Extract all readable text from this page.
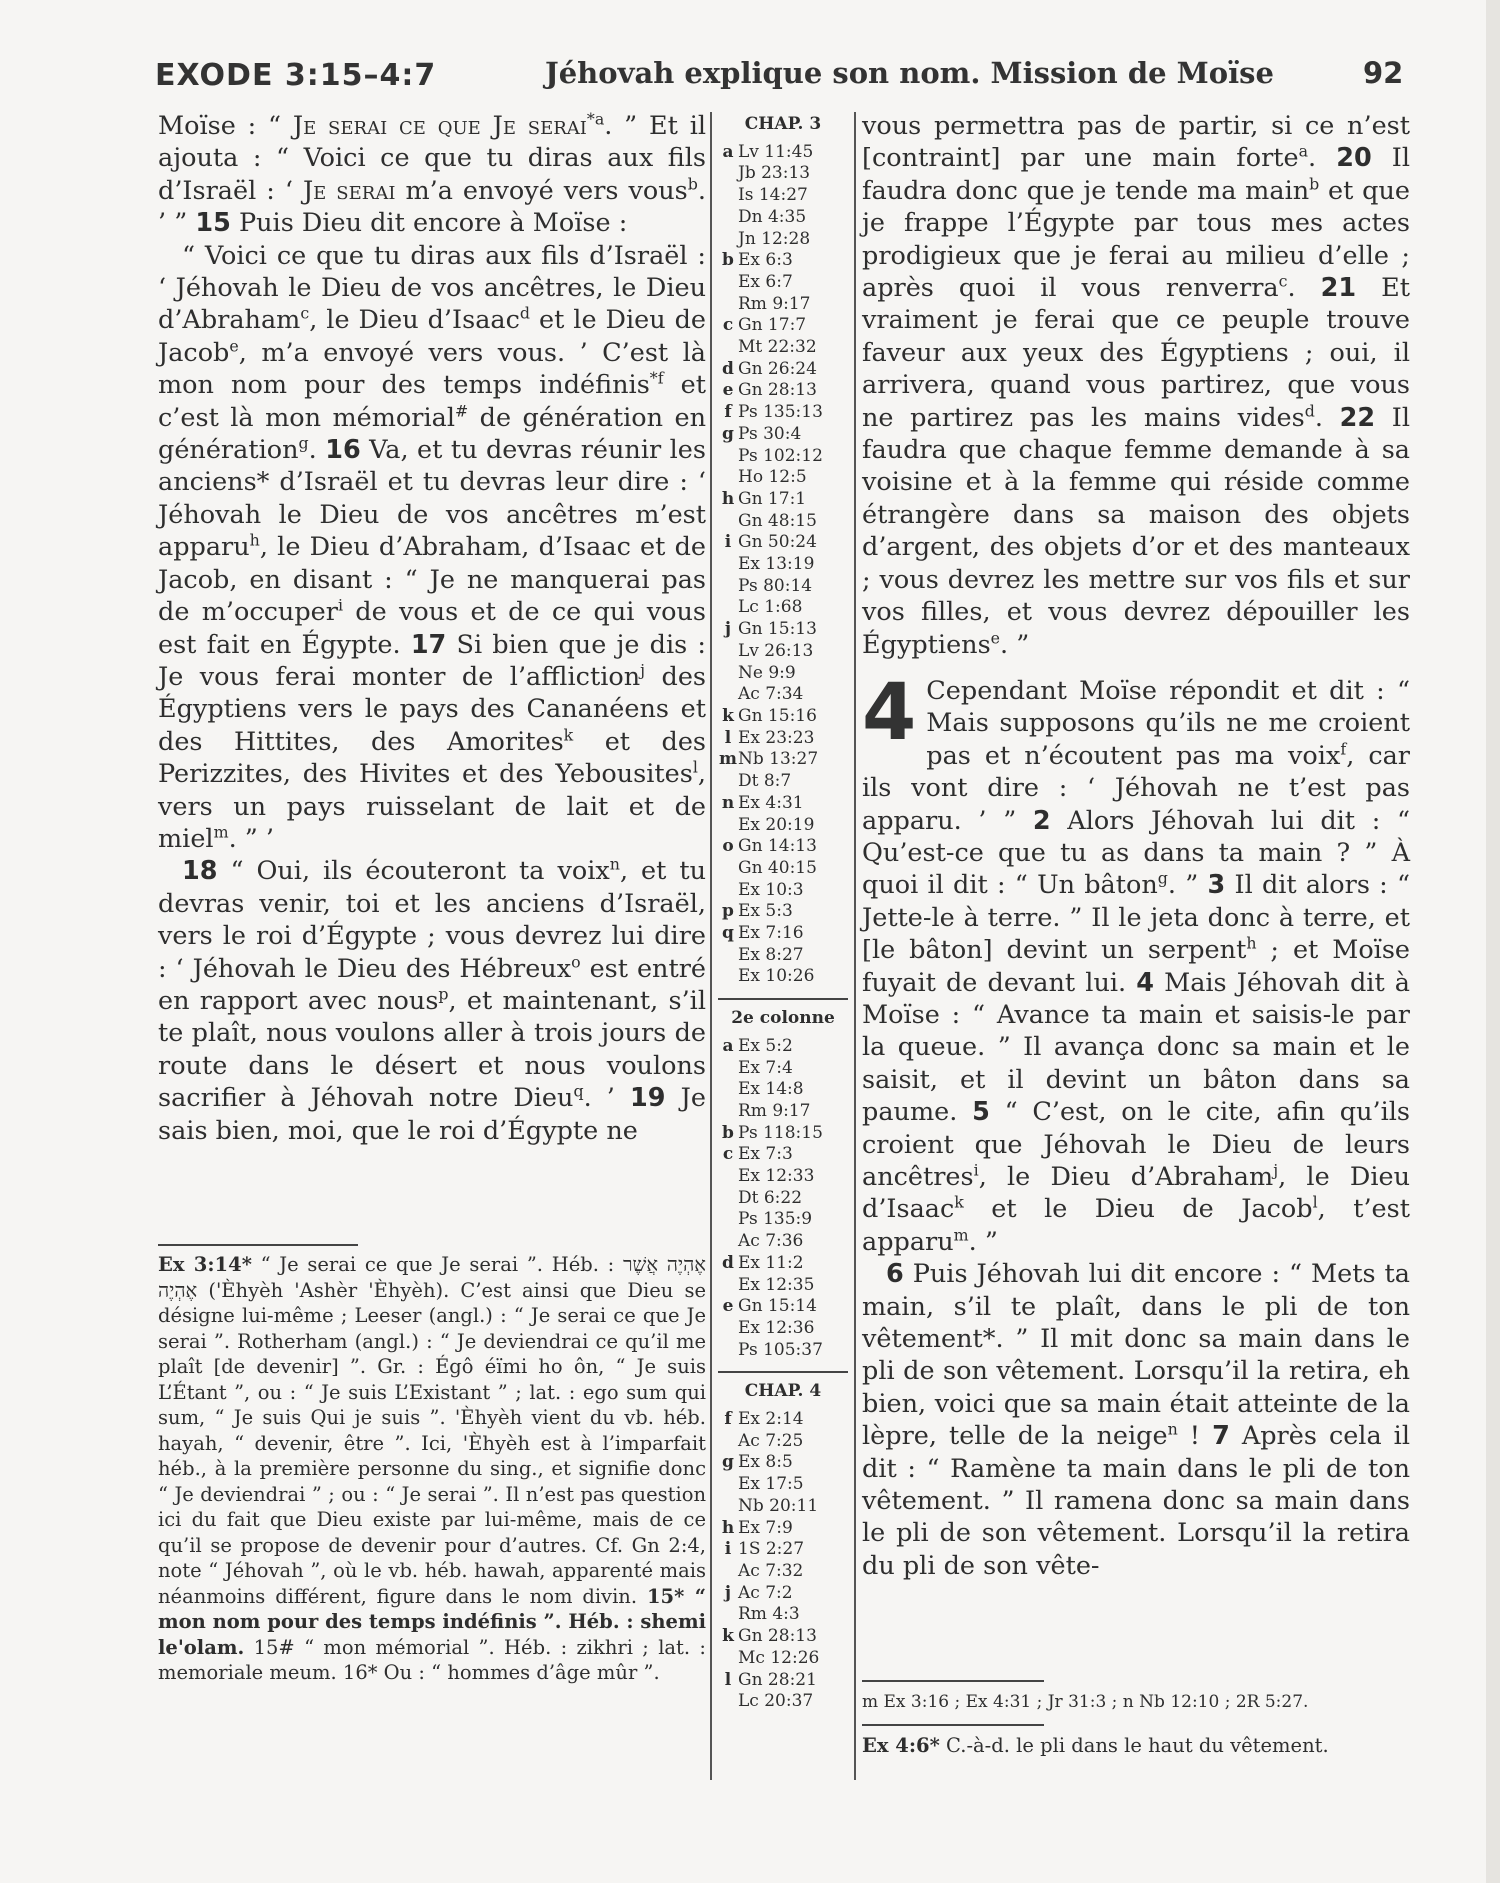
EXODE 3:15–4:7	Jéhovah explique son nom. Mission de Moïse	92

Moïse : “ Je serai ce que Je serai$^{*a}$. ” Et il ajouta : “ Voici ce que tu diras aux fils d’Israël : ‘ Je serai m’a envoyé vers vous$^b$. ’ ” 15 Puis Dieu dit encore à Moïse :

“ Voici ce que tu diras aux fils d’Israël : ‘ Jéhovah le Dieu de vos ancêtres, le Dieu d’Abraham$^c$, le Dieu d’Isaac$^d$ et le Dieu de Jacob$^e$, m’a envoyé vers vous. ’ C’est là mon nom pour des temps indéfinis$^{*f}$ et c’est là mon mémorial# de génération en génération$^g$. 16 Va, et tu devras réunir les anciens* d’Israël et tu devras leur dire : ‘ Jéhovah le Dieu de vos ancêtres m’est apparu$^h$, le Dieu d’Abraham, d’Isaac et de Jacob, en disant : “ Je ne manquerai pas de m’occuper$^i$ de vous et de ce qui vous est fait en Égypte. 17 Si bien que je dis : Je vous ferai monter de l’affliction$^j$ des Égyptiens vers le pays des Cananéens et des Hittites, des Amorites$^k$ et des Perizzites, des Hivites et des Yebousites$^l$, vers un pays ruisselant de lait et de miel$^m$. ” ’

18 “ Oui, ils écouteront ta voix$^n$, et tu devras venir, toi et les anciens d’Israël, vers le roi d’Égypte ; vous devrez lui dire : ‘ Jéhovah le Dieu des Hébreux$^o$ est entré en rapport avec nous$^p$, et maintenant, s’il te plaît, nous voulons aller à trois jours de route dans le désert et nous voulons sacrifier à Jéhovah notre Dieu$^q$. ’ 19 Je sais bien, moi, que le roi d’Égypte ne

CHAP. 3
a Lv 11:45
Jb 23:13
Is 14:27
Dn 4:35
Jn 12:28
b Ex 6:3
Ex 6:7
Rm 9:17
c Gn 17:7
Mt 22:32
d Gn 26:24
e Gn 28:13
f Ps 135:13
g Ps 30:4
Ps 102:12
Ho 12:5
h Gn 17:1
Gn 48:15
i Gn 50:24
Ex 13:19
Ps 80:14
Lc 1:68
j Gn 15:13
Lv 26:13
Ne 9:9
Ac 7:34
k Gn 15:16
l Ex 23:23
m Nb 13:27
Dt 8:7
n Ex 4:31
Ex 20:19
o Gn 14:13
Gn 40:15
Ex 10:3
p Ex 5:3
q Ex 7:16
Ex 8:27
Ex 10:26
2e colonne
a Ex 5:2
Ex 7:4
Ex 14:8
Rm 9:17
b Ps 118:15
c Ex 7:3
Ex 12:33
Dt 6:22
Ps 135:9
Ac 7:36
d Ex 11:2
Ex 12:35
e Gn 15:14
Ex 12:36
Ps 105:37
CHAP. 4
f Ex 2:14
Ac 7:25
g Ex 8:5
Ex 17:5
Nb 20:11
h Ex 7:9
i 1S 2:27
Ac 7:32
j Ac 7:2
Rm 4:3
k Gn 28:13
Mc 12:26
l Gn 28:21
Lc 20:37

vous permettra pas de partir, si ce n’est [contraint] par une main forte$^a$. 20 Il faudra donc que je tende ma main$^b$ et que je frappe l’Égypte par tous mes actes prodigieux que je ferai au milieu d’elle ; après quoi il vous renverra$^c$. 21 Et vraiment je ferai que ce peuple trouve faveur aux yeux des Égyptiens ; oui, il arrivera, quand vous partirez, que vous ne partirez pas les mains vides$^d$. 22 Il faudra que chaque femme demande à sa voisine et à la femme qui réside comme étrangère dans sa maison des objets d’argent, des objets d’or et des manteaux ; vous devrez les mettre sur vos fils et sur vos filles, et vous devrez dépouiller les Égyptiens$^e$. ”

4 Cependant Moïse répondit et dit : “ Mais supposons qu’ils ne me croient pas et n’écoutent pas ma voix$^f$, car ils vont dire : ‘ Jéhovah ne t’est pas apparu. ’ ” 2 Alors Jéhovah lui dit : “ Qu’est-ce que tu as dans ta main ? ” À quoi il dit : “ Un bâton$^g$. ” 3 Il dit alors : “ Jette-le à terre. ” Il le jeta donc à terre, et [le bâton] devint un serpent$^h$ ; et Moïse fuyait de devant lui. 4 Mais Jéhovah dit à Moïse : “ Avance ta main et saisis-le par la queue. ” Il avança donc sa main et le saisit, et il devint un bâton dans sa paume. 5 “ C’est, on le cite, afin qu’ils croient que Jéhovah le Dieu de leurs ancêtres$^i$, le Dieu d’Abraham$^j$, le Dieu d’Isaac$^k$ et le Dieu de Jacob$^l$, t’est apparu$^m$. ”

6 Puis Jéhovah lui dit encore : “ Mets ta main, s’il te plaît, dans le pli de ton vêtement*. ” Il mit donc sa main dans le pli de son vêtement. Lorsqu’il la retira, eh bien, voici que sa main était atteinte de la lèpre, telle de la neige$^n$ ! 7 Après cela il dit : “ Ramène ta main dans le pli de ton vêtement. ” Il ramena donc sa main dans le pli de son vêtement. Lorsqu’il la retira du pli de son vête-

Ex 3:14* “ Je serai ce que Je serai ”. Héb. : אֶהְיֶה אֲשֶׁר אֶהְיֶה ('Èhyèh 'Ashèr 'Èhyèh). C’est ainsi que Dieu se désigne lui-même ; Leeser (angl.) : “ Je serai ce que Je serai ”. Rotherham (angl.) : “ Je deviendrai ce qu’il me plaît [de devenir] ”. Gr. : Égô éïmi ho ôn, “ Je suis L’Étant ”, ou : “ Je suis L’Existant ” ; lat. : ego sum qui sum, “ Je suis Qui je suis ”. 'Èhyèh vient du vb. héb. hayah, “ devenir, être ”. Ici, 'Èhyèh est à l’imparfait héb., à la première personne du sing., et signifie donc “ Je deviendrai ” ; ou : “ Je serai ”. Il n’est pas question ici du fait que Dieu existe par lui-même, mais de ce qu’il se propose de devenir pour d’autres. Cf. Gn 2:4, note “ Jéhovah ”, où le vb. héb. hawah, apparenté mais néanmoins différent, figure dans le nom divin. 15* “ mon nom pour des temps indéfinis ”. Héb. : shemi le'olam. 15# “ mon mémorial ”. Héb. : zikhri ; lat. : memoriale meum. 16* Ou : “ hommes d’âge mûr ”.
m Ex 3:16 ; Ex 4:31 ; Jr 31:3 ; n Nb 12:10 ; 2R 5:27.
Ex 4:6* C.-à-d. le pli dans le haut du vêtement.
